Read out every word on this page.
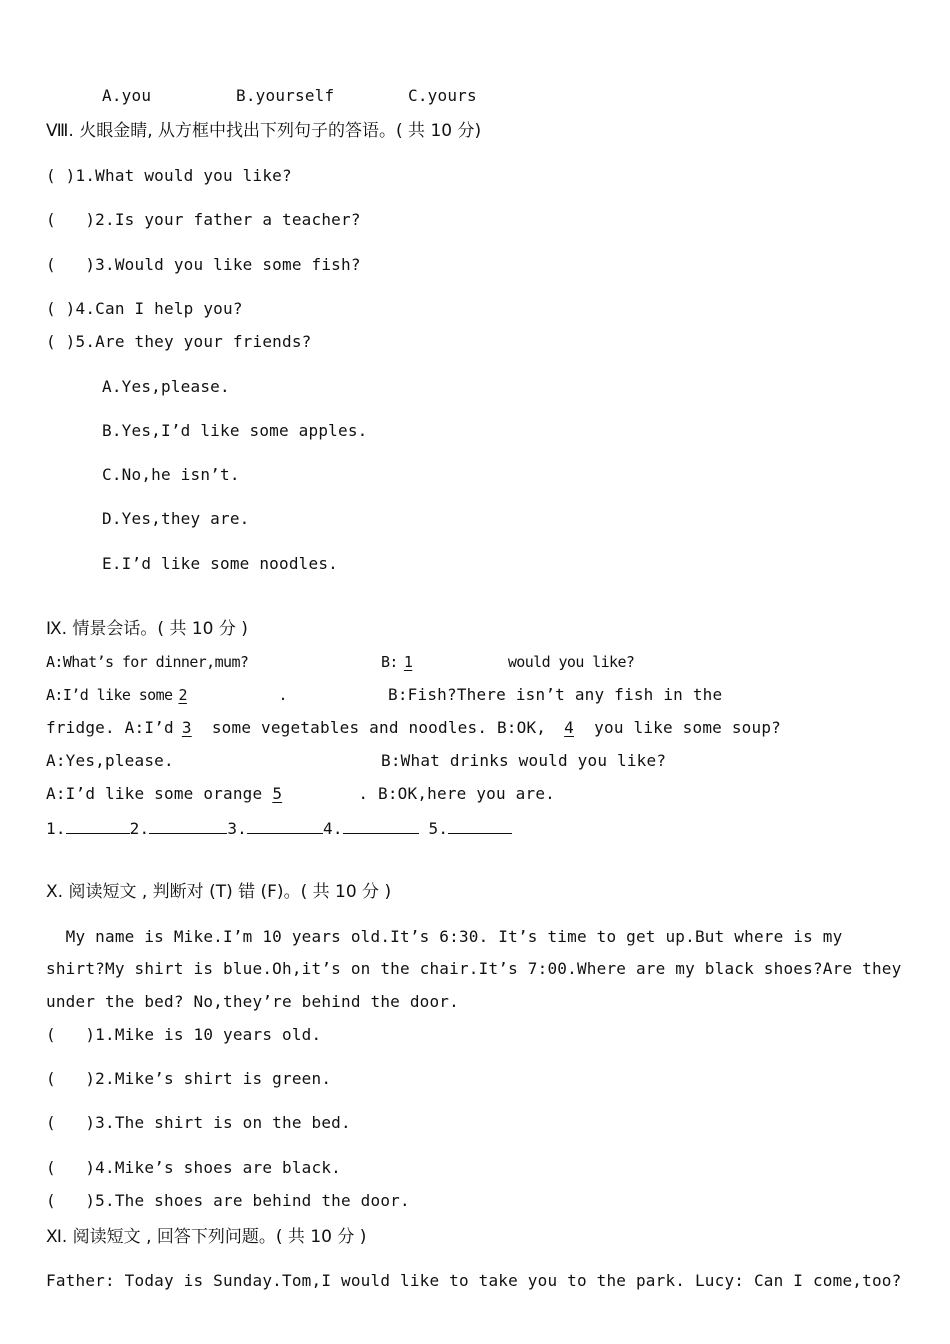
A.you	B.yourself	C.yours
Ⅷ. 火眼金睛, 从方框中找出下列句子的答语。( 共 10 分)
( )1.What would you like?
(   )2.Is your father a teacher?
(   )3.Would you like some fish?
( )4.Can I help you?
( )5.Are they your friends?
A.Yes,please.
B.Yes,I’d like some apples.
C.No,he isn’t.
D.Yes,they are.
E.I’d like some noodles.
Ⅸ. 情景会话。( 共 10 分 )
A:What’s for dinner,mum?	B: 1	would you like?
A:I’d like some 2	.	B:Fish?There isn’t any fish in the
fridge. A:I’d 3 some vegetables and noodles. B:OK, 4 you like some soup?
A:Yes,please.	B:What drinks would you like?
A:I’d like some orange 5	. B:OK,here you are.
1.	2.	3.	4.	5.
Ⅹ. 阅读短文 , 判断对 (T) 错 (F)。( 共 10 分 )
My name is Mike.I’m 10 years old.It’s 6:30. It’s time to get up.But where is my
shirt?My shirt is blue.Oh,it’s on the chair.It’s 7:00.Where are my black shoes?Are they
under the bed? No,they’re behind the door.
(   )1.Mike is 10 years old.
(   )2.Mike’s shirt is green.
(   )3.The shirt is on the bed.
(   )4.Mike’s shoes are black.
(   )5.The shoes are behind the door.
Ⅺ. 阅读短文 , 回答下列问题。( 共 10 分 )
Father: Today is Sunday.Tom,I would like to take you to the park. Lucy: Can I come,too?
